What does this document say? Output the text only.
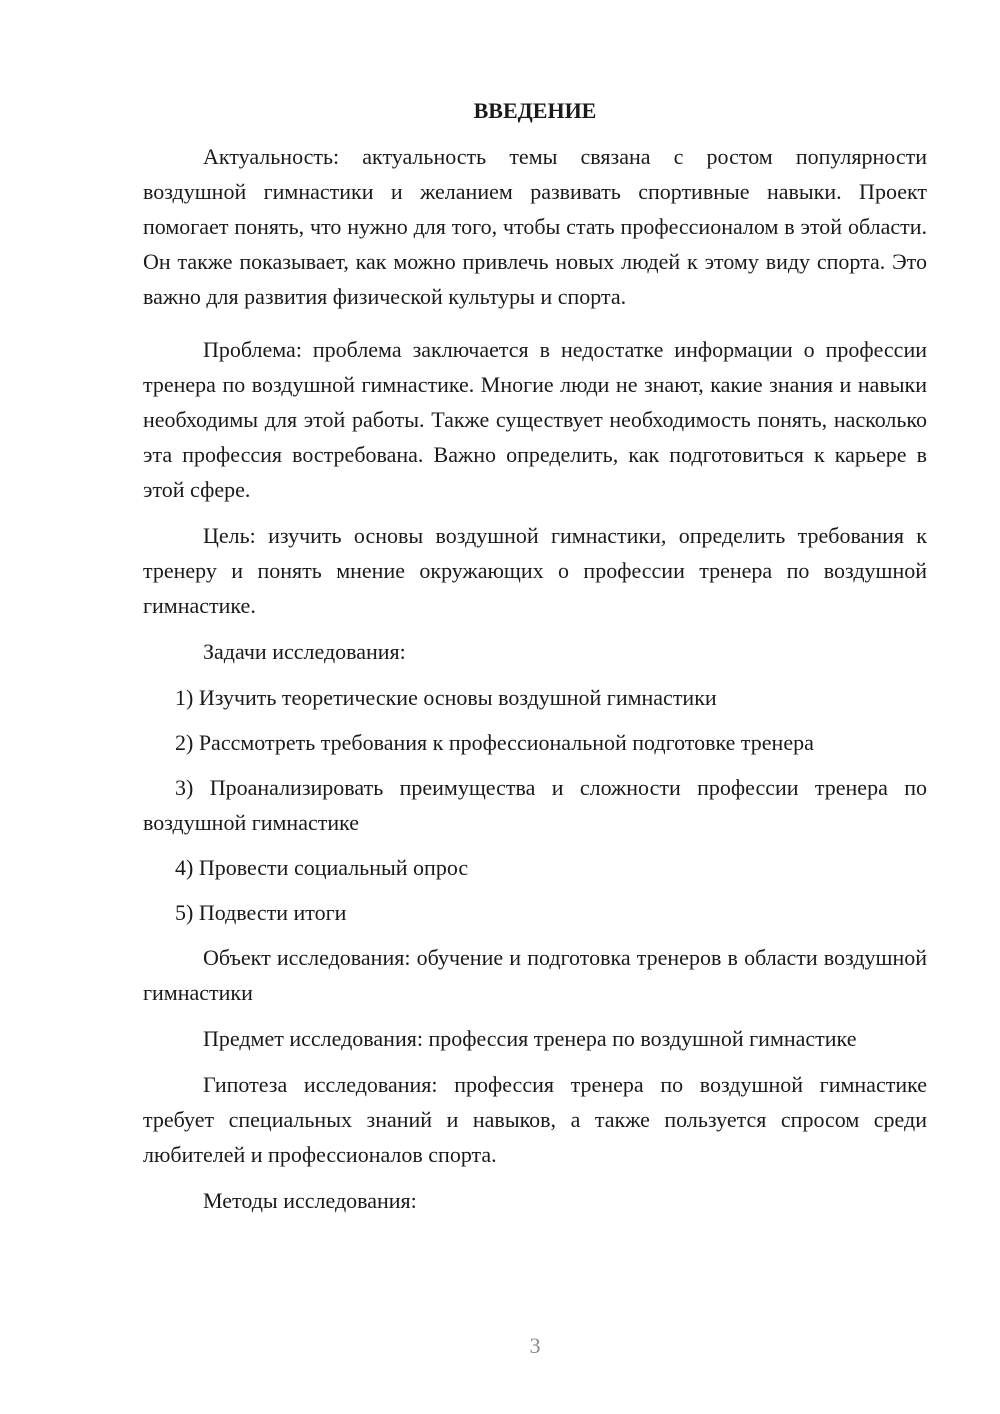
ВВЕДЕНИЕ

Актуальность: актуальность темы связана с ростом популярности воздушной гимнастики и желанием развивать спортивные навыки. Проект помогает понять, что нужно для того, чтобы стать профессионалом в этой области. Он также показывает, как можно привлечь новых людей к этому виду спорта. Это важно для развития физической культуры и спорта.

Проблема: проблема заключается в недостатке информации о профессии тренера по воздушной гимнастике. Многие люди не знают, какие знания и навыки необходимы для этой работы. Также существует необходимость понять, насколько эта профессия востребована. Важно определить, как подготовиться к карьере в этой сфере.

Цель: изучить основы воздушной гимнастики, определить требования к тренеру и понять мнение окружающих о профессии тренера по воздушной гимнастике.

Задачи исследования:

1) Изучить теоретические основы воздушной гимнастики

2) Рассмотреть требования к профессиональной подготовке тренера

3) Проанализировать преимущества и сложности профессии тренера по воздушной гимнастике

4) Провести социальный опрос

5) Подвести итоги

Объект исследования: обучение и подготовка тренеров в области воздушной гимнастики

Предмет исследования: профессия тренера по воздушной гимнастике

Гипотеза исследования: профессия тренера по воздушной гимнастике требует специальных знаний и навыков, а также пользуется спросом среди любителей и профессионалов спорта.

Методы исследования:

3
